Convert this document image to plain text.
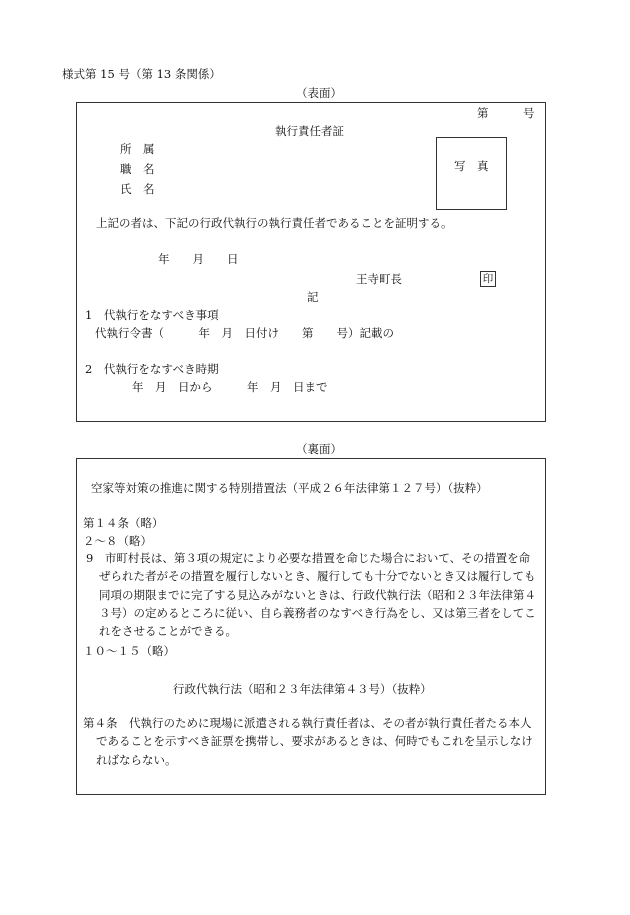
様式第 15 号（第 13 条関係）
（表面）
第　　　号
執行責任者証
所　属
職　名
氏　名
写　真
上記の者は、下記の行政代執行の執行責任者であることを証明する。
年　　月　　日
王寺町長	印
記
1　代執行をなすべき事項
代執行令書（　　　年　月　日付け　　第　　号）記載の
2　代執行をなすべき時期
年　月　日から　　　年　月　日まで
（裏面）
空家等対策の推進に関する特別措置法（平成２６年法律第１２７号）（抜粋）
第１４条（略）
２～８（略）
9　市町村長は、第３項の規定により必要な措置を命じた場合において、その措置を命ぜられた者がその措置を履行しないとき、履行しても十分でないとき又は履行しても同項の期限までに完了する見込みがないときは、行政代執行法（昭和２３年法律第４３号）の定めるところに従い、自ら義務者のなすべき行為をし、又は第三者をしてこれをさせることができる。
１０～１５（略）
行政代執行法（昭和２３年法律第４３号）（抜粋）
第４条　代執行のために現場に派遣される執行責任者は、その者が執行責任者たる本人であることを示すべき証票を携帯し、要求があるときは、何時でもこれを呈示しなければならない。
